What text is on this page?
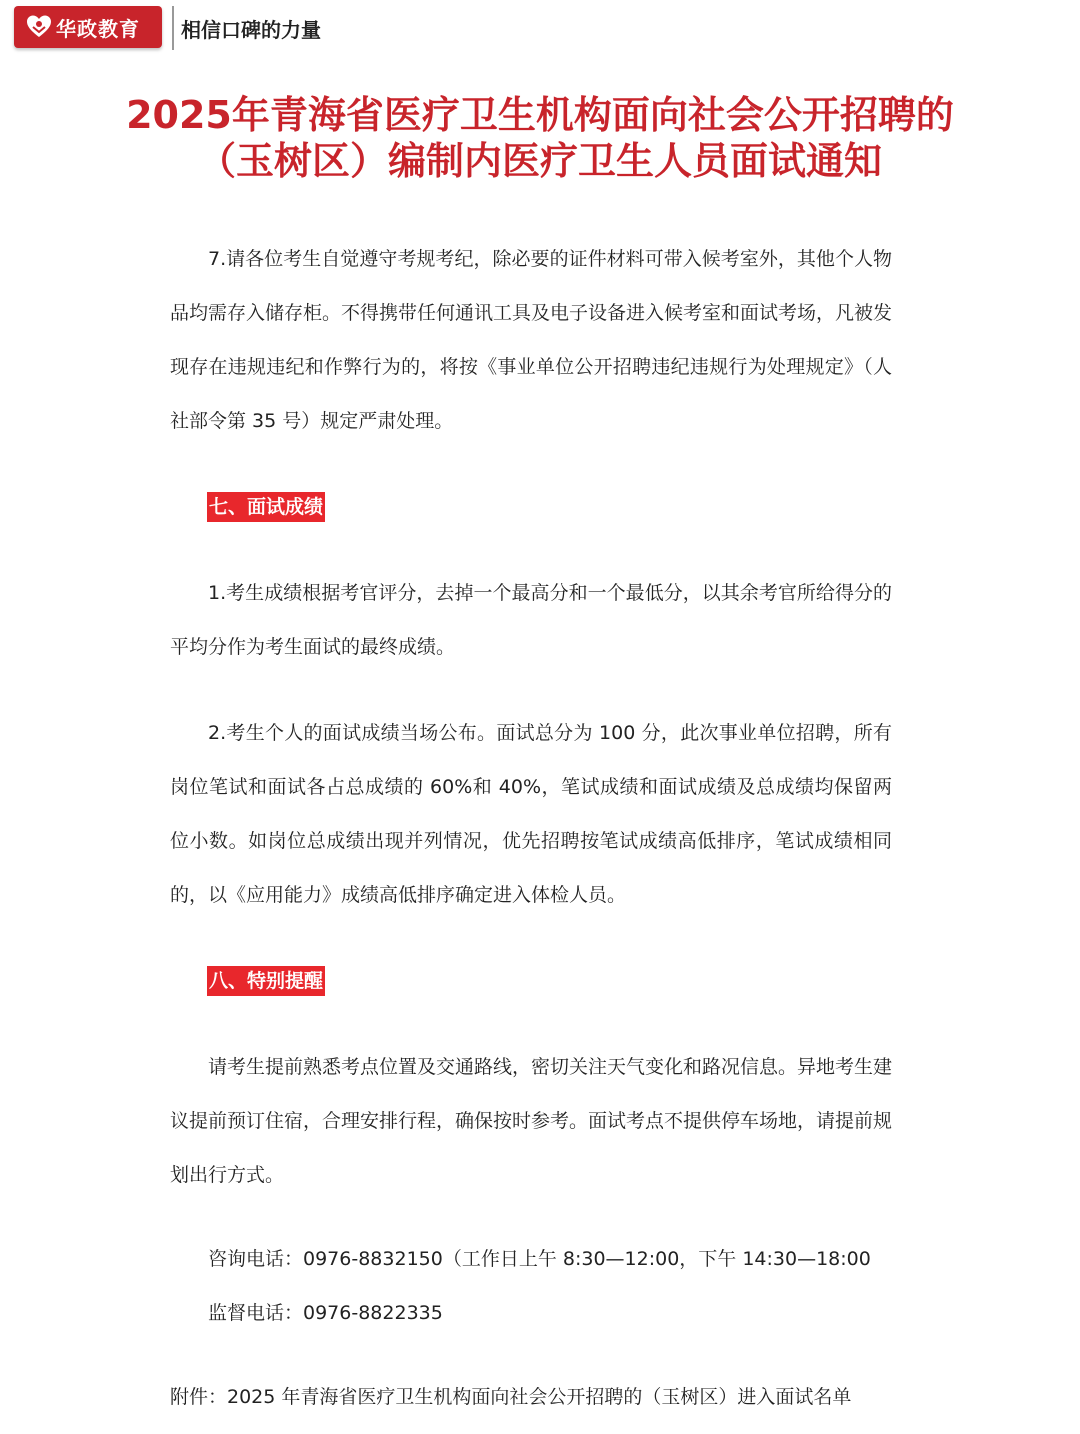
华政教育 相信口碑的力量
2025年青海省医疗卫生机构面向社会公开招聘的
（玉树区）编制内医疗卫生人员面试通知

7.请各位考生自觉遵守考规考纪，除必要的证件材料可带入候考室外，其他个人物品均需存入储存柜。不得携带任何通讯工具及电子设备进入候考室和面试考场，凡被发现存在违规违纪和作弊行为的，将按《事业单位公开招聘违纪违规行为处理规定》（人社部令第 35 号）规定严肃处理。

七、面试成绩

1.考生成绩根据考官评分，去掉一个最高分和一个最低分，以其余考官所给得分的平均分作为考生面试的最终成绩。

2.考生个人的面试成绩当场公布。面试总分为 100 分，此次事业单位招聘，所有岗位笔试和面试各占总成绩的 60%和 40%，笔试成绩和面试成绩及总成绩均保留两位小数。如岗位总成绩出现并列情况，优先招聘按笔试成绩高低排序，笔试成绩相同的，以《应用能力》成绩高低排序确定进入体检人员。

八、特别提醒

请考生提前熟悉考点位置及交通路线，密切关注天气变化和路况信息。异地考生建议提前预订住宿，合理安排行程，确保按时参考。面试考点不提供停车场地，请提前规划出行方式。

咨询电话：0976-8832150（工作日上午 8:30—12:00，下午 14:30—18:00

监督电话：0976-8822335

附件：2025 年青海省医疗卫生机构面向社会公开招聘的（玉树区）进入面试名单
